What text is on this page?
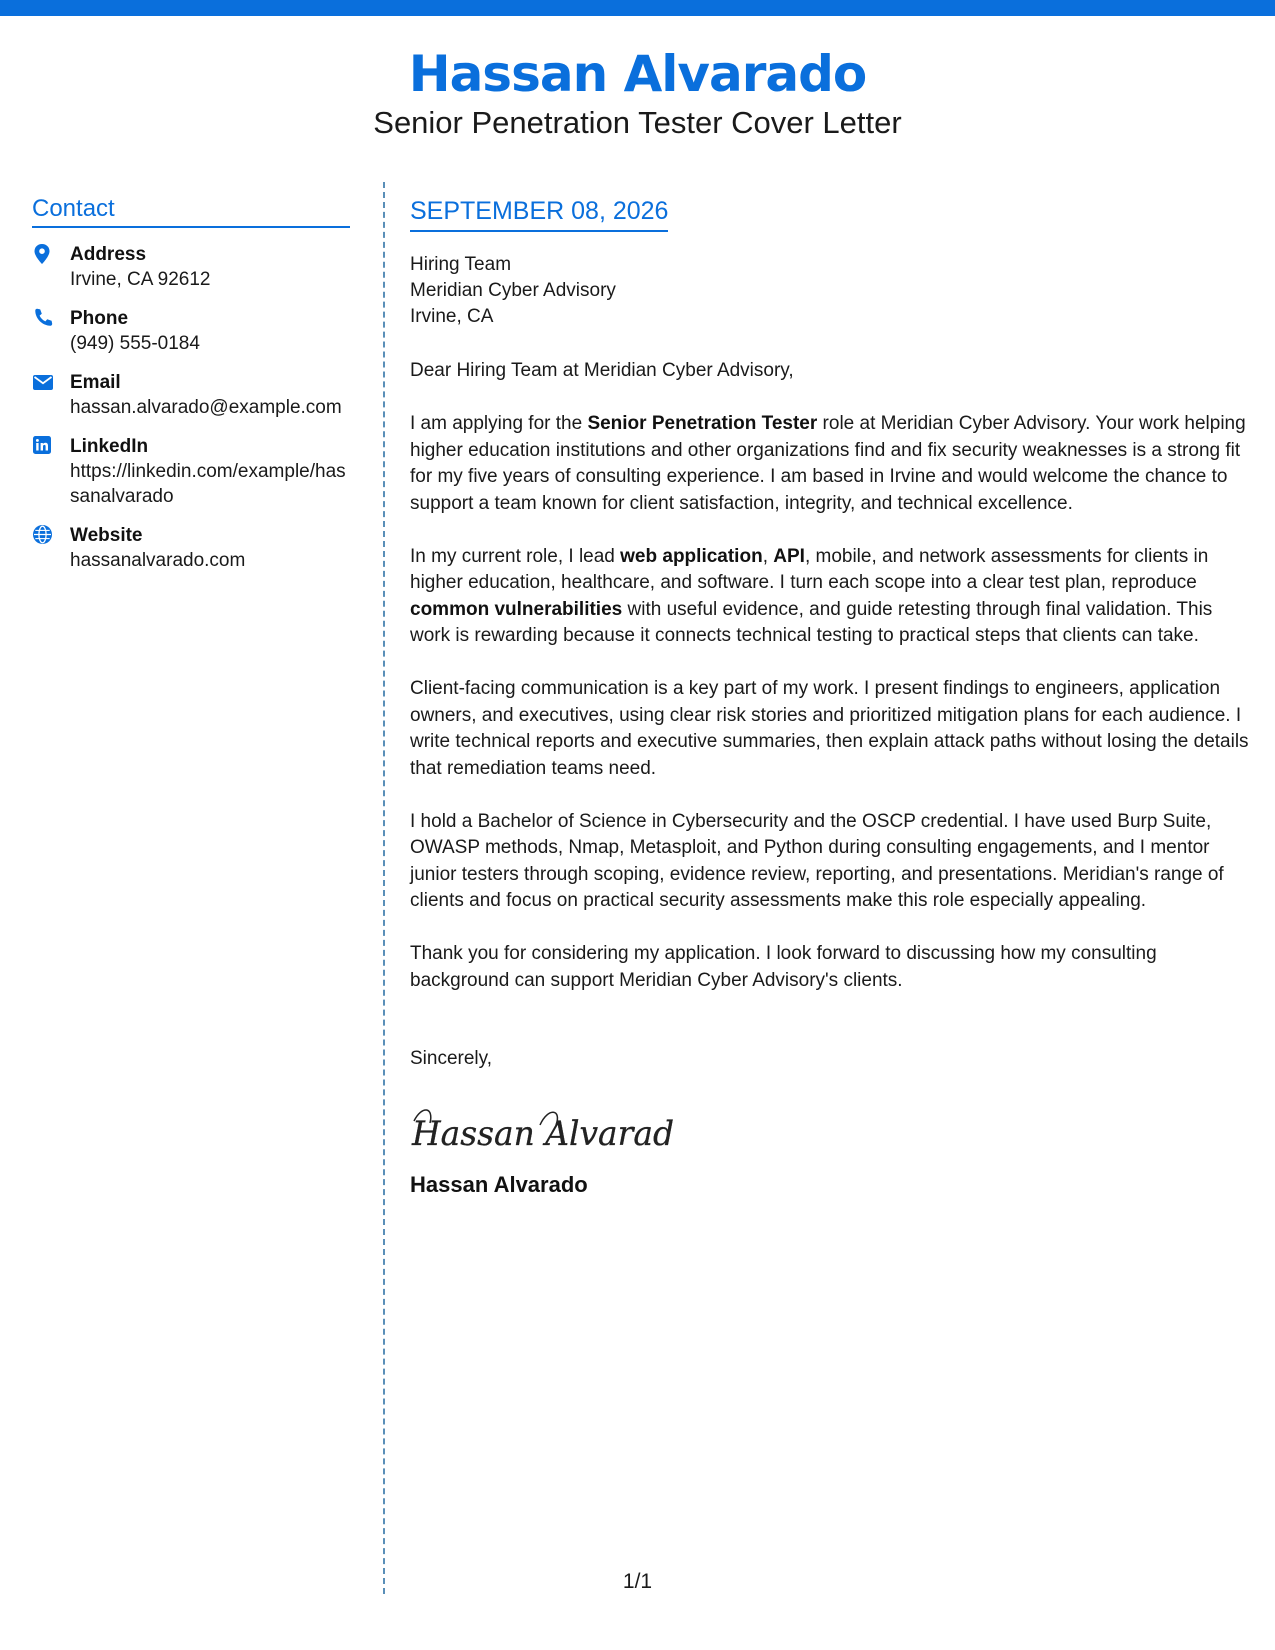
Hassan Alvarado
Senior Penetration Tester Cover Letter
Contact
Address
Irvine, CA 92612
Phone
(949) 555-0184
Email
hassan.alvarado@example.com
LinkedIn
https://linkedin.com/example/hassanalvarado
Website
hassanalvarado.com
SEPTEMBER 08, 2026
Hiring Team
Meridian Cyber Advisory
Irvine, CA
Dear Hiring Team at Meridian Cyber Advisory,
I am applying for the Senior Penetration Tester role at Meridian Cyber Advisory. Your work helping higher education institutions and other organizations find and fix security weaknesses is a strong fit for my five years of consulting experience. I am based in Irvine and would welcome the chance to support a team known for client satisfaction, integrity, and technical excellence.
In my current role, I lead web application, API, mobile, and network assessments for clients in higher education, healthcare, and software. I turn each scope into a clear test plan, reproduce common vulnerabilities with useful evidence, and guide retesting through final validation. This work is rewarding because it connects technical testing to practical steps that clients can take.
Client-facing communication is a key part of my work. I present findings to engineers, application owners, and executives, using clear risk stories and prioritized mitigation plans for each audience. I write technical reports and executive summaries, then explain attack paths without losing the details that remediation teams need.
I hold a Bachelor of Science in Cybersecurity and the OSCP credential. I have used Burp Suite, OWASP methods, Nmap, Metasploit, and Python during consulting engagements, and I mentor junior testers through scoping, evidence review, reporting, and presentations. Meridian's range of clients and focus on practical security assessments make this role especially appealing.
Thank you for considering my application. I look forward to discussing how my consulting background can support Meridian Cyber Advisory's clients.
Sincerely,
Hassan Alvarad
Hassan Alvarado
1/1
